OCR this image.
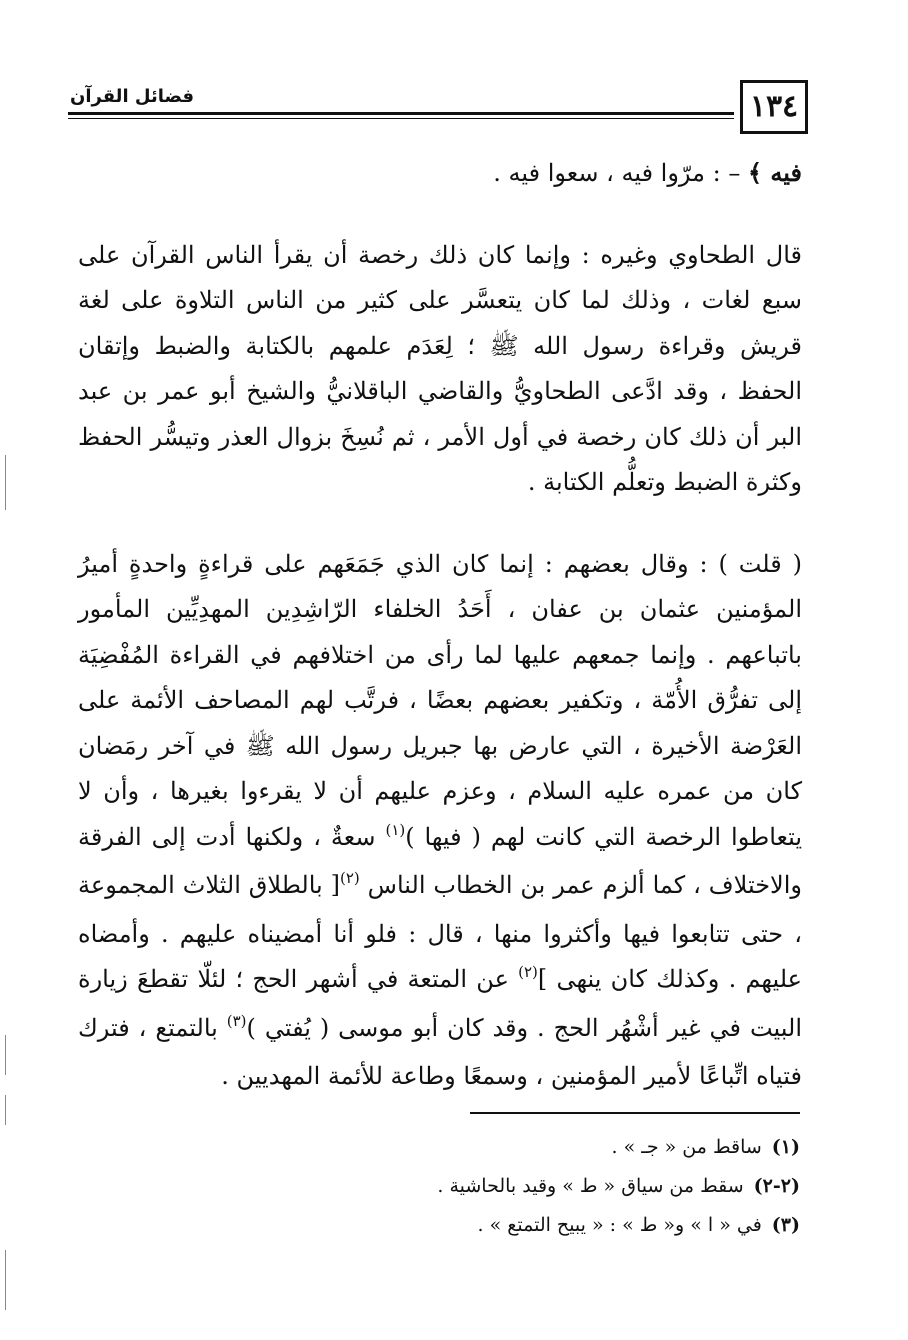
١٣٤
فضائل القرآن

فيه ﴾ – : مرّوا فيه ، سعوا فيه .

قال الطحاوي وغيره : وإنما كان ذلك رخصة أن يقرأ الناس القرآن على سبع لغات ، وذلك لما كان يتعسَّر على كثير من الناس التلاوة على لغة قريش وقراءة رسول الله ﷺ ؛ لِعَدَم علمهم بالكتابة والضبط وإتقان الحفظ ، وقد ادَّعى الطحاويُّ والقاضي الباقلانيُّ والشيخ أبو عمر بن عبد البر أن ذلك كان رخصة في أول الأمر ، ثم نُسِخَ بزوال العذر وتيسُّر الحفظ وكثرة الضبط وتعلُّم الكتابة .

( قلت ) : وقال بعضهم : إنما كان الذي جَمَعَهم على قراءةٍ واحدةٍ أميرُ المؤمنين عثمان بن عفان ، أَحَدُ الخلفاء الرّاشِدِين المهدِيِّين المأمور باتباعهم . وإنما جمعهم عليها لما رأى من اختلافهم في القراءة المُفْضِيَة إلى تفرُّق الأُمّة ، وتكفير بعضهم بعضًا ، فرتَّب لهم المصاحف الأئمة على العَرْضة الأخيرة ، التي عارض بها جبريل رسول الله ﷺ في آخر رمَضان كان من عمره عليه السلام ، وعزم عليهم أن لا يقرءوا بغيرها ، وأن لا يتعاطوا الرخصة التي كانت لهم ( فيها )$^{(١)}$ سعةٌ ، ولكنها أدت إلى الفرقة والاختلاف ، كما ألزم عمر بن الخطاب الناس $^{(٢)}$[ بالطلاق الثلاث المجموعة ، حتى تتابعوا فيها وأكثروا منها ، قال : فلو أنا أمضيناه عليهم . وأمضاه عليهم . وكذلك كان ينهى ]$^{(٢)}$ عن المتعة في أشهر الحج ؛ لئلّا تقطعَ زيارة البيت في غير أشْهُر الحج . وقد كان أبو موسى ( يُفتي )$^{(٣)}$ بالتمتع ، فترك فتياه اتِّباعًا لأمير المؤمنين ، وسمعًا وطاعة للأئمة المهديين .

(١)ساقط من « جـ » .
(٢-٢)سقط من سياق « ط » وقيد بالحاشية .
(٣)في « ا » و« ط » : « يبيح التمتع » .
